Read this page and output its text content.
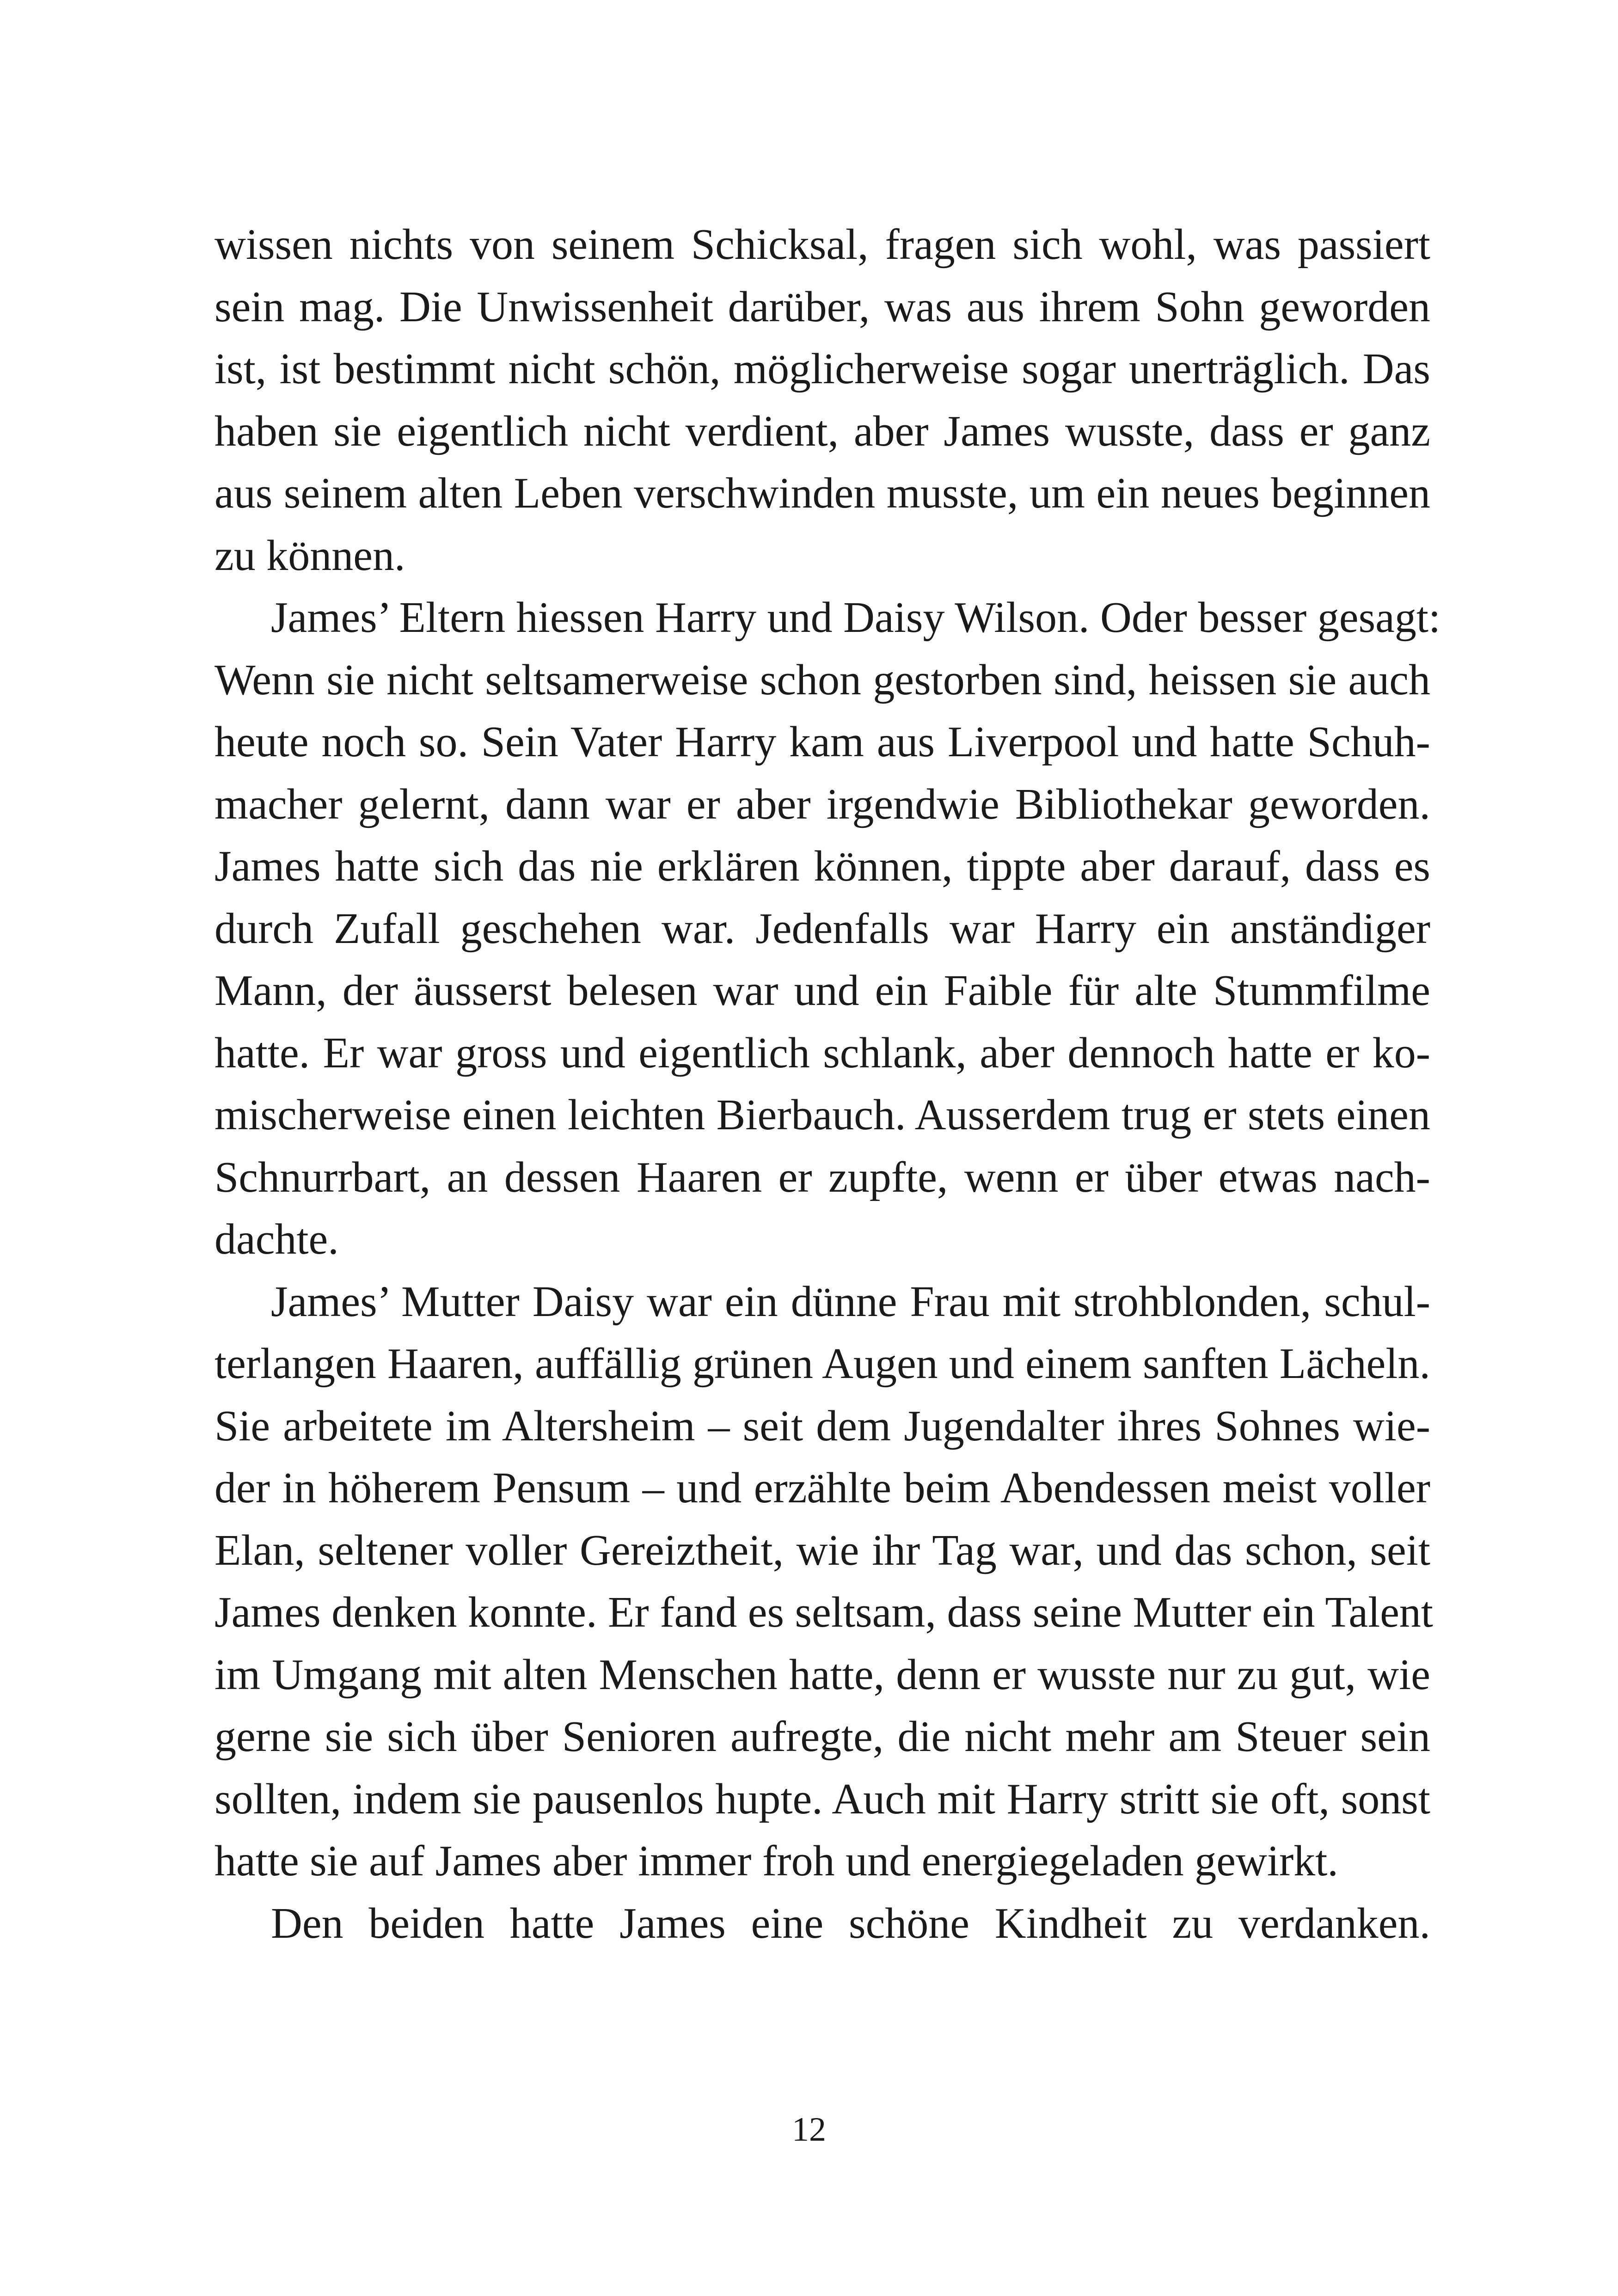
wissen nichts von seinem Schicksal, fragen sich wohl, was passiert
sein mag. Die Unwissenheit darüber, was aus ihrem Sohn geworden
ist, ist bestimmt nicht schön, möglicherweise sogar unerträglich. Das
haben sie eigentlich nicht verdient, aber James wusste, dass er ganz
aus seinem alten Leben verschwinden musste, um ein neues beginnen
zu können.
James’ Eltern hiessen Harry und Daisy Wilson. Oder besser gesagt:
Wenn sie nicht seltsamerweise schon gestorben sind, heissen sie auch
heute noch so. Sein Vater Harry kam aus Liverpool und hatte Schuh-
macher gelernt, dann war er aber irgendwie Bibliothekar geworden.
James hatte sich das nie erklären können, tippte aber darauf, dass es
durch Zufall geschehen war. Jedenfalls war Harry ein anständiger
Mann, der äusserst belesen war und ein Faible für alte Stummfilme
hatte. Er war gross und eigentlich schlank, aber dennoch hatte er ko-
mischerweise einen leichten Bierbauch. Ausserdem trug er stets einen
Schnurrbart, an dessen Haaren er zupfte, wenn er über etwas nach-
dachte.
James’ Mutter Daisy war ein dünne Frau mit strohblonden, schul-
terlangen Haaren, auffällig grünen Augen und einem sanften Lächeln.
Sie arbeitete im Altersheim – seit dem Jugendalter ihres Sohnes wie-
der in höherem Pensum – und erzählte beim Abendessen meist voller
Elan, seltener voller Gereiztheit, wie ihr Tag war, und das schon, seit
James denken konnte. Er fand es seltsam, dass seine Mutter ein Talent
im Umgang mit alten Menschen hatte, denn er wusste nur zu gut, wie
gerne sie sich über Senioren aufregte, die nicht mehr am Steuer sein
sollten, indem sie pausenlos hupte. Auch mit Harry stritt sie oft, sonst
hatte sie auf James aber immer froh und energiegeladen gewirkt.
Den beiden hatte James eine schöne Kindheit zu verdanken.
12
